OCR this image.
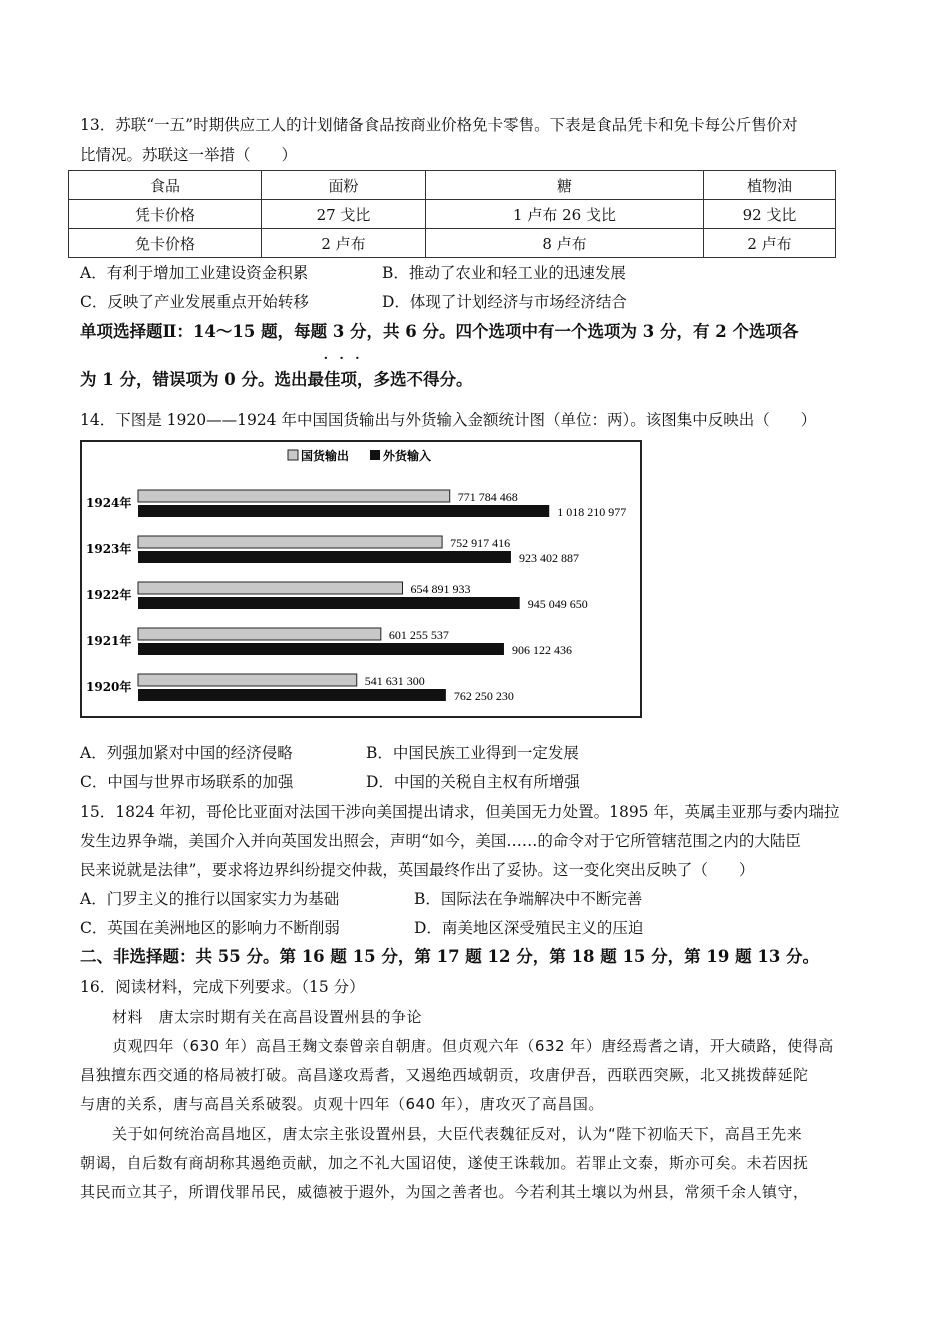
13．苏联“一五”时期供应工人的计划储备食品按商业价格免卡零售。下表是食品凭卡和免卡每公斤售价对
比情况。苏联这一举措（　　）
食品	面粉	糖	植物油
凭卡价格	27 戈比	1 卢布 26 戈比	92 戈比
免卡价格	2 卢布	8 卢布	2 卢布
A．有利于增加工业建设资金积累	B．推动了农业和轻工业的迅速发展
C．反映了产业发展重点开始转移	D．体现了计划经济与市场经济结合
单项选择题Ⅱ：14～15 题，每题 3 分，共 6 分。四个选项中有一个选项为 3 分，有 2 个选项各
···
为 1 分，错误项为 0 分。选出最佳项，多选不得分。
14．下图是 1920——1924 年中国国货输出与外货输入金额统计图（单位：两）。该图集中反映出（　　）
国货输出	外货输入
1924年	771 784 468
1 018 210 977
1923年	752 917 416
923 402 887
1922年	654 891 933
945 049 650
1921年	601 255 537
906 122 436
1920年	541 631 300
762 250 230
A．列强加紧对中国的经济侵略	B．中国民族工业得到一定发展
C．中国与世界市场联系的加强	D．中国的关税自主权有所增强
15．1824 年初，哥伦比亚面对法国干涉向美国提出请求，但美国无力处置。1895 年，英属圭亚那与委内瑞拉
发生边界争端，美国介入并向英国发出照会，声明“如今，美国……的命令对于它所管辖范围之内的大陆臣
民来说就是法律”，要求将边界纠纷提交仲裁，英国最终作出了妥协。这一变化突出反映了（　　）
A．门罗主义的推行以国家实力为基础	B．国际法在争端解决中不断完善
C．英国在美洲地区的影响力不断削弱	D．南美地区深受殖民主义的压迫
二、非选择题：共 55 分。第 16 题 15 分，第 17 题 12 分，第 18 题 15 分，第 19 题 13 分。
16．阅读材料，完成下列要求。（15 分）
材料　唐太宗时期有关在高昌设置州县的争论
贞观四年（630 年）高昌王麹文泰曾亲自朝唐。但贞观六年（632 年）唐经焉耆之请，开大碛路，使得高
昌独擅东西交通的格局被打破。高昌遂攻焉耆，又遏绝西域朝贡，攻唐伊吾，西联西突厥，北又挑拨薛延陀
与唐的关系，唐与高昌关系破裂。贞观十四年（640 年），唐攻灭了高昌国。
关于如何统治高昌地区，唐太宗主张设置州县，大臣代表魏征反对，认为“陛下初临天下，高昌王先来
朝谒，自后数有商胡称其遏绝贡献，加之不礼大国诏使，遂使王诛载加。若罪止文泰，斯亦可矣。未若因抚
其民而立其子，所谓伐罪吊民，威德被于遐外，为国之善者也。今若利其土壤以为州县，常须千余人镇守，
